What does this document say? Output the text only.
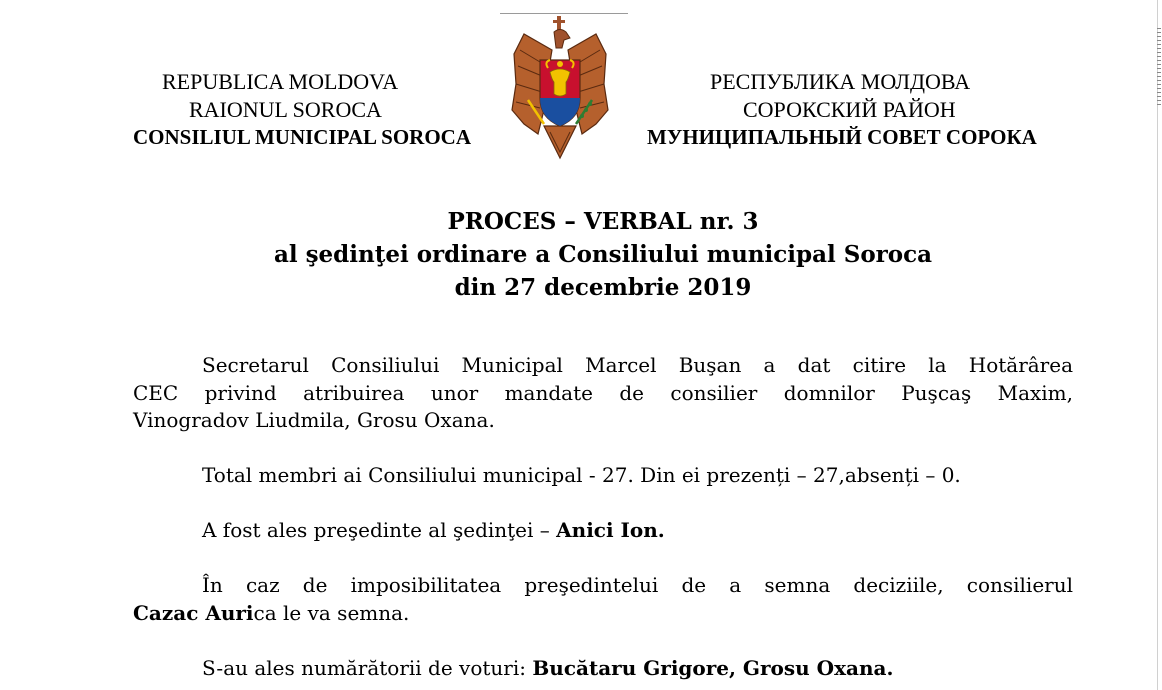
REPUBLICA MOLDOVA
RAIONUL SOROCA
CONSILIUL MUNICIPAL SOROCA
РЕСПУБЛИКА МОЛДОВА
СОРОКСКИЙ РАЙОН
МУНИЦИПАЛЬНЫЙ СОВЕТ СОРОКА
PROCES – VERBAL nr. 3
al şedinţei ordinare a Consiliului municipal Soroca
din 27 decembrie 2019
Secretarul Consiliului Municipal Marcel Buşan a dat citire la Hotărârea
CEC privind atribuirea unor mandate de consilier domnilor Puşcaş Maxim,
Vinogradov Liudmila, Grosu Oxana.
Total membri ai Consiliului municipal - 27. Din ei prezenți – 27,absenți – 0.
A fost ales preşedinte al şedinţei – Anici Ion.
În caz de imposibilitatea preşedintelui de a semna deciziile, consilierul
Cazac Aurica le va semna.
S-au ales numărătorii de voturi: Bucătaru Grigore, Grosu Oxana.
